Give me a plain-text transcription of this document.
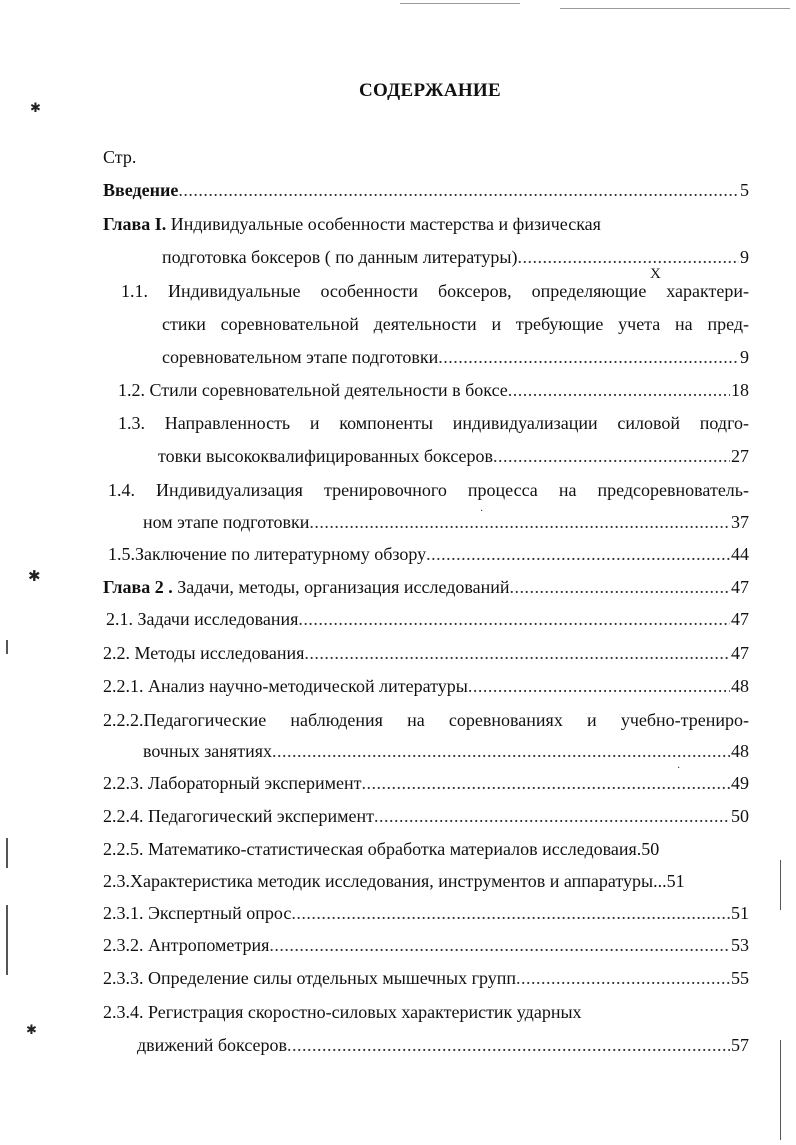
✱
✱
✱
·
·
СОДЕРЖАНИЕ
Стр.
X
Введение .....	5
Глава I. Индивидуальные особенности мастерства и физическая
подготовка боксеров ( по данным литературы) .....	9
1.1. Индивидуальные особенности боксеров, определяющие характери-
стики соревновательной деятельности и требующие учета на пред-
соревновательном этапе подготовки .....	9
1.2. Стили соревновательной деятельности в боксе .....	18
1.3. Направленность и компоненты индивидуализации силовой подго-
товки высококвалифицированных боксеров .....	27
1.4. Индивидуализация тренировочного процесса на предсоревнователь-
ном этапе подготовки .....	37
1.5.Заключение по литературному обзору .....	44
Глава 2 . Задачи, методы, организация исследований .....	47
2.1. Задачи исследования .....	47
2.2. Методы исследования .....	47
2.2.1. Анализ научно-методической литературы .....	48
2.2.2.Педагогические наблюдения на соревнованиях и учебно-трениро-
вочных занятиях .....	48
2.2.3. Лабораторный эксперимент .....	49
2.2.4. Педагогический эксперимент .....	50
2.2.5. Математико-статистическая обработка материалов исследоваия.50
2.3.Характеристика методик исследования, инструментов и аппаратуры...51
2.3.1. Экспертный опрос .....	51
2.3.2. Антропометрия .....	53
2.3.3. Определение силы отдельных мышечных групп .....	55
2.3.4. Регистрация скоростно-силовых характеристик ударных
движений боксеров .....	57
